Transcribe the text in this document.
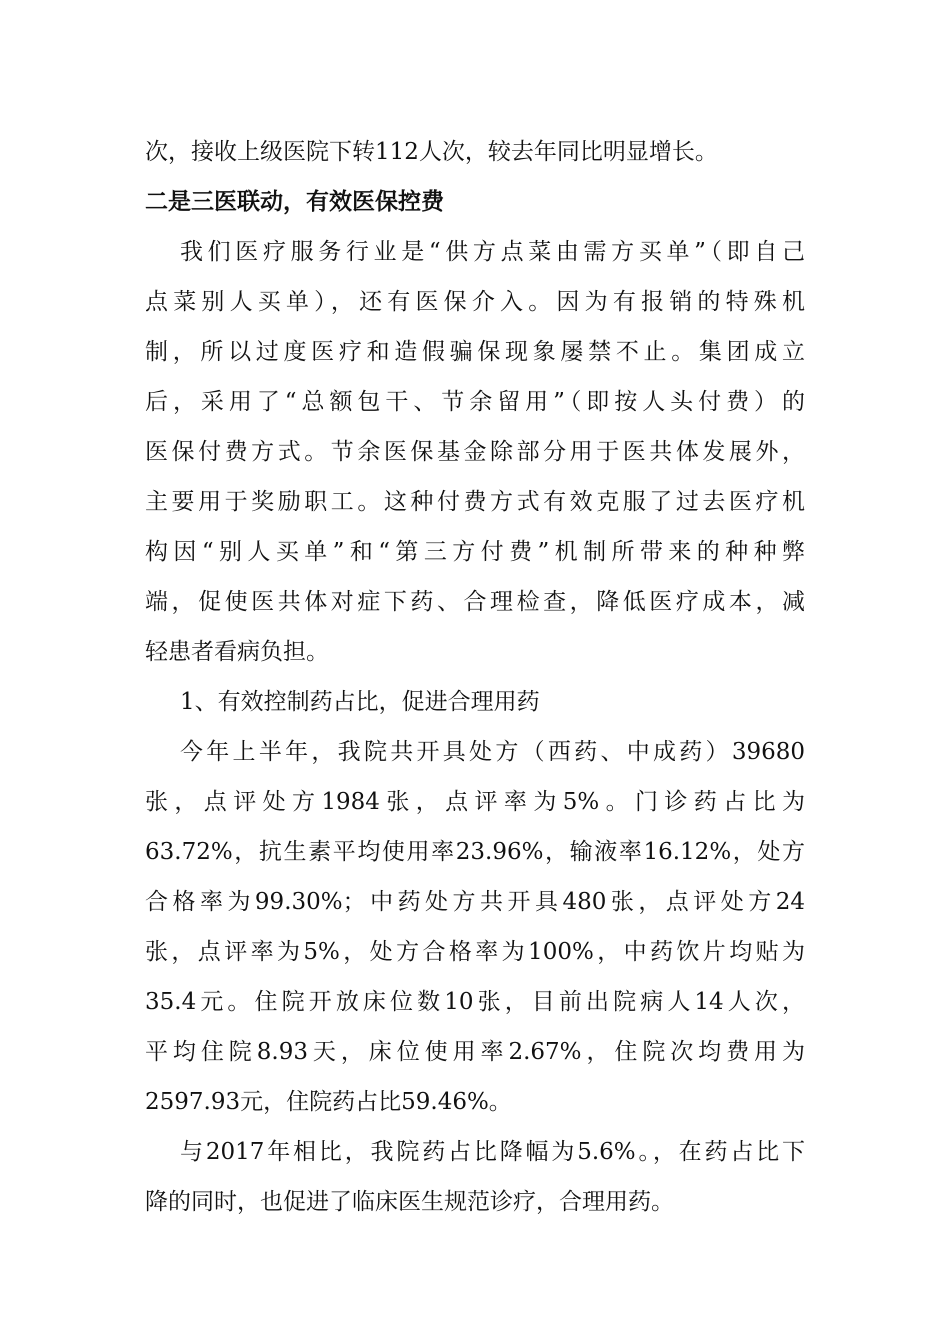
次，接收上级医院下转112人次，较去年同比明显增长。
二是三医联动，有效医保控费
我们医疗服务行业是“供方点菜由需方买单”（即自己
点菜别人买单），还有医保介入。因为有报销的特殊机
制，所以过度医疗和造假骗保现象屡禁不止。集团成立
后，采用了“总额包干、节余留用”（即按人头付费）的
医保付费方式。节余医保基金除部分用于医共体发展外，
主要用于奖励职工。这种付费方式有效克服了过去医疗机
构因“别人买单”和“第三方付费”机制所带来的种种弊
端，促使医共体对症下药、合理检查，降低医疗成本，减
轻患者看病负担。
1、有效控制药占比，促进合理用药
今年上半年，我院共开具处方（西药、中成药）39680
张，点评处方1984张，点评率为5%。门诊药占比为
63.72%，抗生素平均使用率23.96%，输液率16.12%，处方
合格率为99.30%；中药处方共开具480张，点评处方24
张，点评率为5%，处方合格率为100%，中药饮片均贴为
35.4元。住院开放床位数10张，目前出院病人14人次，
平均住院8.93天，床位使用率2.67%，住院次均费用为
2597.93元，住院药占比59.46%。
与2017年相比，我院药占比降幅为5.6%。，在药占比下
降的同时，也促进了临床医生规范诊疗，合理用药。
